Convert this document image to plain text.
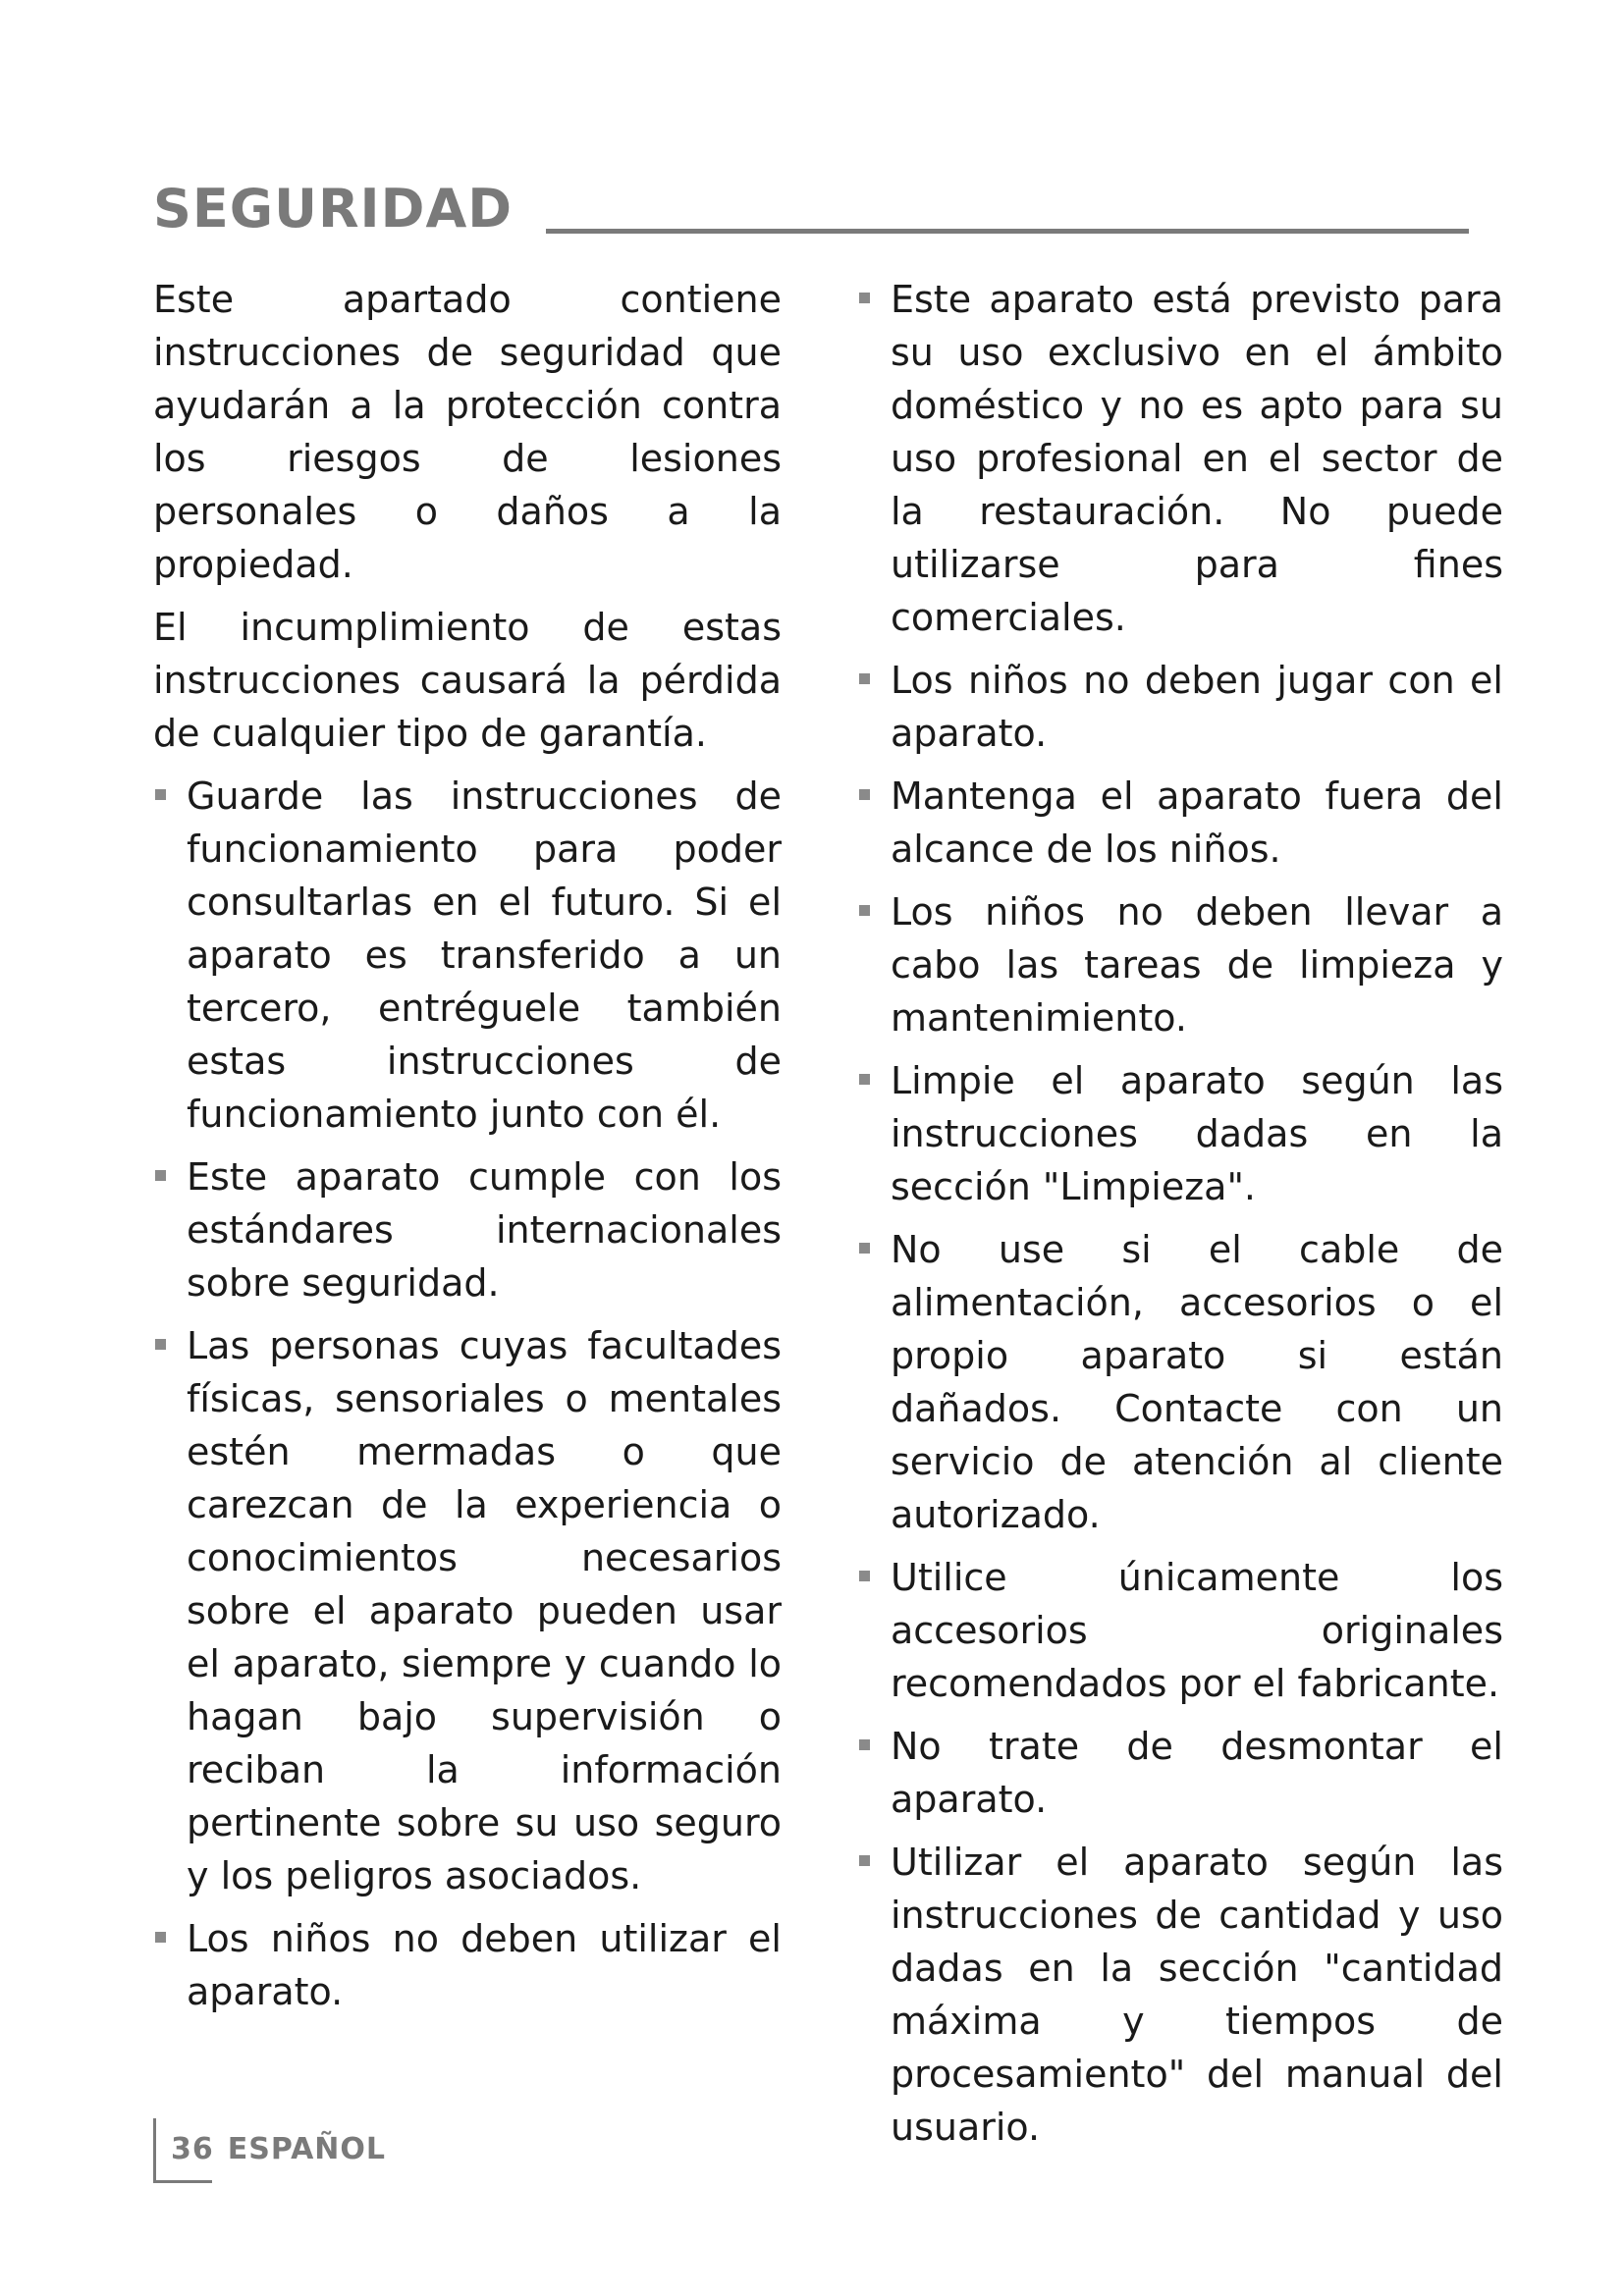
SEGURIDAD

Este apartado contiene instrucciones de seguridad que ayudarán a la protección contra los riesgos de lesiones personales o daños a la propiedad.

El incumplimiento de estas instrucciones causará la pérdida de cualquier tipo de garantía.

Guarde las instrucciones de funcionamiento para poder consultarlas en el futuro. Si el aparato es transferido a un tercero, entréguele también estas instrucciones de funcionamiento junto con él.
Este aparato cumple con los estándares internacionales sobre seguridad.
Las personas cuyas facultades físicas, sensoriales o mentales estén mermadas o que carezcan de la experiencia o conocimientos necesarios sobre el aparato pueden usar el aparato, siempre y cuando lo hagan bajo supervisión o reciban la información pertinente sobre su uso seguro y los peligros asociados.
Los niños no deben utilizar el aparato.
Este aparato está previsto para su uso exclusivo en el ámbito doméstico y no es apto para su uso profesional en el sector de la restauración. No puede utilizarse para fines comerciales.
Los niños no deben jugar con el aparato.
Mantenga el aparato fuera del alcance de los niños.
Los niños no deben llevar a cabo las tareas de limpieza y mantenimiento.
Limpie el aparato según las instrucciones dadas en la sección "Limpieza".
No use si el cable de alimentación, accesorios o el propio aparato si están dañados. Contacte con un servicio de atención al cliente autorizado.
Utilice únicamente los accesorios originales recomendados por el fabricante.
No trate de desmontar el aparato.
Utilizar el aparato según las instrucciones de cantidad y uso dadas en la sección "cantidad máxima y tiempos de procesamiento" del manual del usuario.
36 ESPAÑOL
